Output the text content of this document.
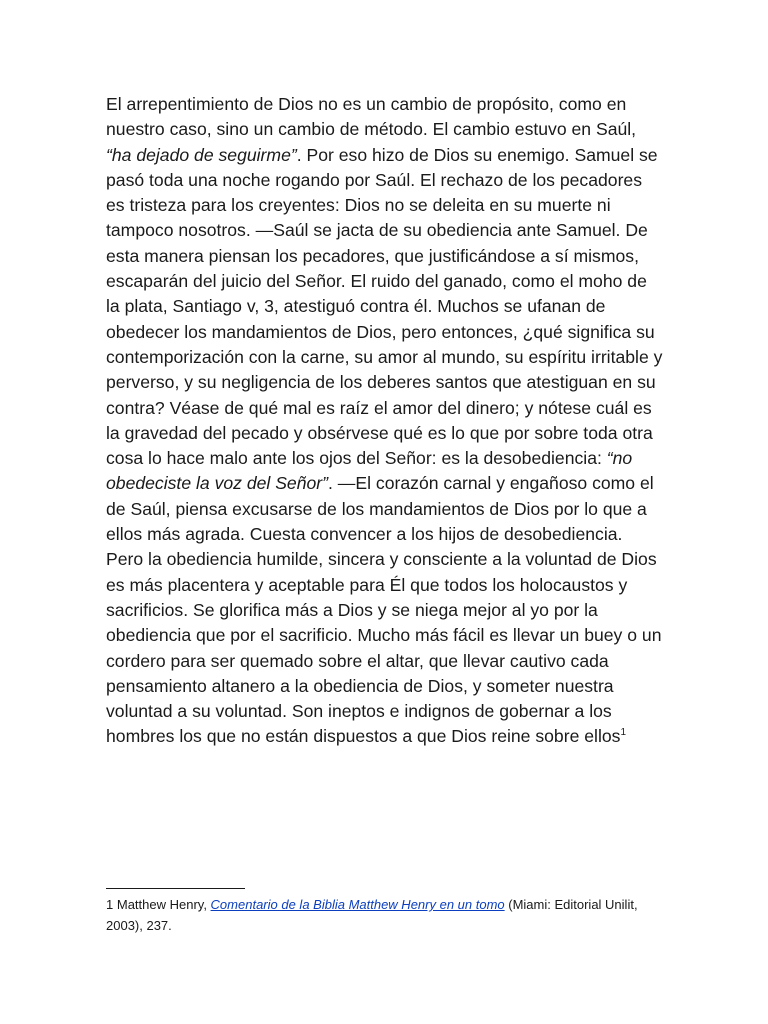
El arrepentimiento de Dios no es un cambio de propósito, como en nuestro caso, sino un cambio de método. El cambio estuvo en Saúl, “ha dejado de seguirme”. Por eso hizo de Dios su enemigo. Samuel se pasó toda una noche rogando por Saúl. El rechazo de los pecadores es tristeza para los creyentes: Dios no se deleita en su muerte ni tampoco nosotros. —Saúl se jacta de su obediencia ante Samuel. De esta manera piensan los pecadores, que justificándose a sí mismos, escaparán del juicio del Señor. El ruido del ganado, como el moho de la plata, Santiago v, 3, atestiguó contra él. Muchos se ufanan de obedecer los mandamientos de Dios, pero entonces, ¿qué significa su contemporización con la carne, su amor al mundo, su espíritu irritable y perverso, y su negligencia de los deberes santos que atestiguan en su contra? Véase de qué mal es raíz el amor del dinero; y nótese cuál es la gravedad del pecado y obsérvese qué es lo que por sobre toda otra cosa lo hace malo ante los ojos del Señor: es la desobediencia: “no obedeciste la voz del Señor”. —El corazón carnal y engañoso como el de Saúl, piensa excusarse de los mandamientos de Dios por lo que a ellos más agrada. Cuesta convencer a los hijos de desobediencia. Pero la obediencia humilde, sincera y consciente a la voluntad de Dios es más placentera y aceptable para Él que todos los holocaustos y sacrificios. Se glorifica más a Dios y se niega mejor al yo por la obediencia que por el sacrificio. Mucho más fácil es llevar un buey o un cordero para ser quemado sobre el altar, que llevar cautivo cada pensamiento altanero a la obediencia de Dios, y someter nuestra voluntad a su voluntad. Son ineptos e indignos de gobernar a los hombres los que no están dispuestos a que Dios reine sobre ellos$^1$

1 Matthew Henry, Comentario de la Biblia Matthew Henry en un tomo (Miami: Editorial Unilit, 2003), 237.
